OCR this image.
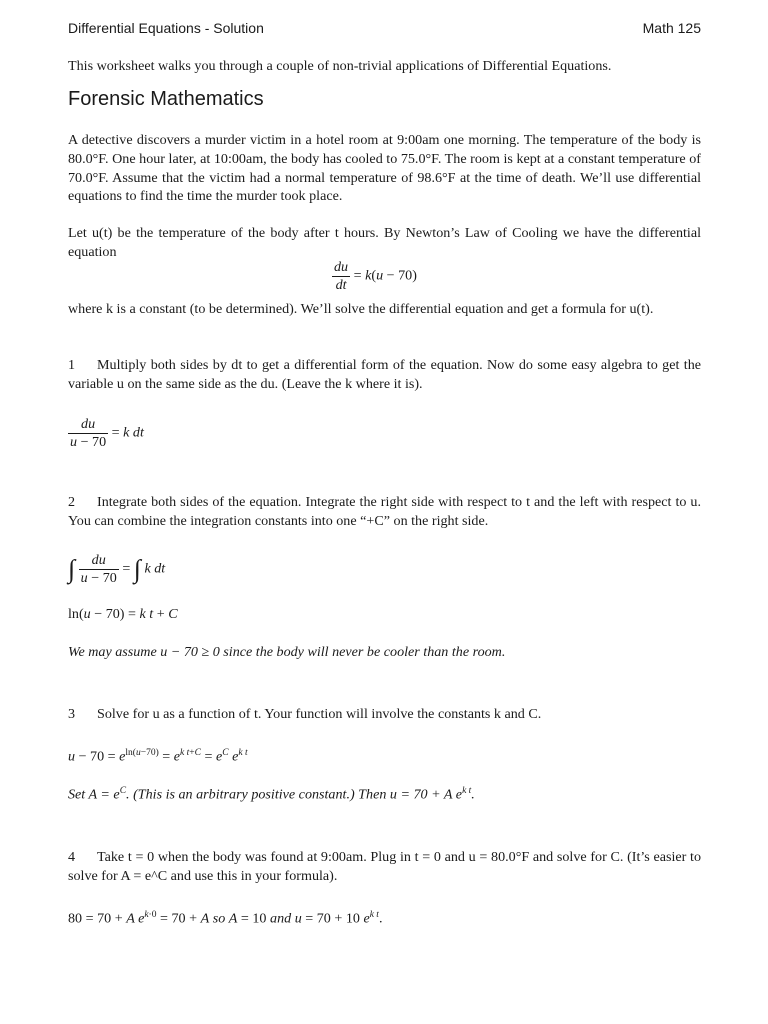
Differential Equations - Solution	Math 125
This worksheet walks you through a couple of non-trivial applications of Differential Equations.
Forensic Mathematics
A detective discovers a murder victim in a hotel room at 9:00am one morning. The temperature of the body is 80.0°F. One hour later, at 10:00am, the body has cooled to 75.0°F. The room is kept at a constant temperature of 70.0°F. Assume that the victim had a normal temperature of 98.6°F at the time of death. We’ll use differential equations to find the time the murder took place.
Let u(t) be the temperature of the body after t hours. By Newton’s Law of Cooling we have the differential equation
$\frac{du}{dt} = k(u - 70)$
where k is a constant (to be determined). We’ll solve the differential equation and get a formula for u(t).
1 Multiply both sides by dt to get a differential form of the equation. Now do some easy algebra to get the variable u on the same side as the du. (Leave the k where it is).
$\frac{du}{u - 70} = k$ dt
2 Integrate both sides of the equation. Integrate the right side with respect to t and the left with respect to u. You can combine the integration constants into one “+C” on the right side.
∫ $\frac{du}{u - 70}$ = ∫ k dt
ln(u − 70) = k t + C
We may assume u − 70 ≥ 0 since the body will never be cooler than the room.
3 Solve for u as a function of t. Your function will involve the constants k and C.
$u - 70 = e^{ln(u-70)} = e^{k t+C} = e^C$ $e^{k t}$
Set $A = e^C$. (This is an arbitrary positive constant.) Then u = 70 + A $e^{k t}$.
4 Take t = 0 when the body was found at 9:00am. Plug in t = 0 and u = 80.0°F and solve for C. (It’s easier to solve for A = e^C and use this in your formula).
80 = 70 + A $e^{k\cdot 0} = 70 + A$ so A = 10 and u = 70 + 10 $e^{k t}$.
